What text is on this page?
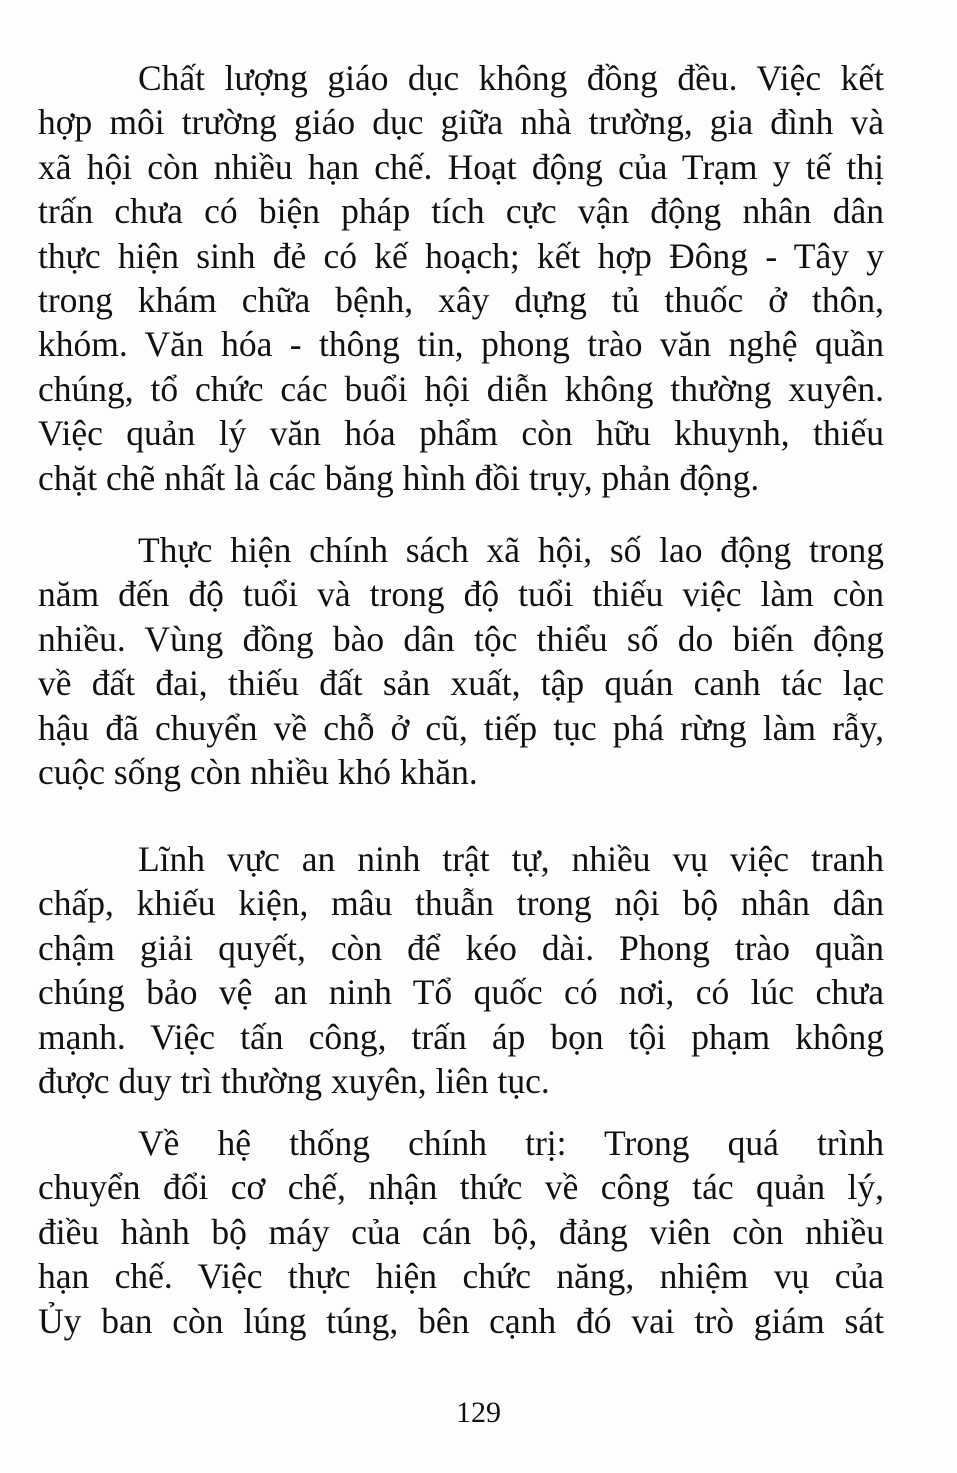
Chất lượng giáo dục không đồng đều. Việc kết
hợp môi trường giáo dục giữa nhà trường, gia đình và
xã hội còn nhiều hạn chế. Hoạt động của Trạm y tế thị
trấn chưa có biện pháp tích cực vận động nhân dân
thực hiện sinh đẻ có kế hoạch; kết hợp Đông - Tây y
trong khám chữa bệnh, xây dựng tủ thuốc ở thôn,
khóm. Văn hóa - thông tin, phong trào văn nghệ quần
chúng, tổ chức các buổi hội diễn không thường xuyên.
Việc quản lý văn hóa phẩm còn hữu khuynh, thiếu
chặt chẽ nhất là các băng hình đồi trụy, phản động.
Thực hiện chính sách xã hội, số lao động trong
năm đến độ tuổi và trong độ tuổi thiếu việc làm còn
nhiều. Vùng đồng bào dân tộc thiểu số do biến động
về đất đai, thiếu đất sản xuất, tập quán canh tác lạc
hậu đã chuyển về chỗ ở cũ, tiếp tục phá rừng làm rẫy,
cuộc sống còn nhiều khó khăn.
Lĩnh vực an ninh trật tự, nhiều vụ việc tranh
chấp, khiếu kiện, mâu thuẫn trong nội bộ nhân dân
chậm giải quyết, còn để kéo dài. Phong trào quần
chúng bảo vệ an ninh Tổ quốc có nơi, có lúc chưa
mạnh. Việc tấn công, trấn áp bọn tội phạm không
được duy trì thường xuyên, liên tục.
Về hệ thống chính trị: Trong quá trình
chuyển đổi cơ chế, nhận thức về công tác quản lý,
điều hành bộ máy của cán bộ, đảng viên còn nhiều
hạn chế. Việc thực hiện chức năng, nhiệm vụ của
Ủy ban còn lúng túng, bên cạnh đó vai trò giám sát
129
